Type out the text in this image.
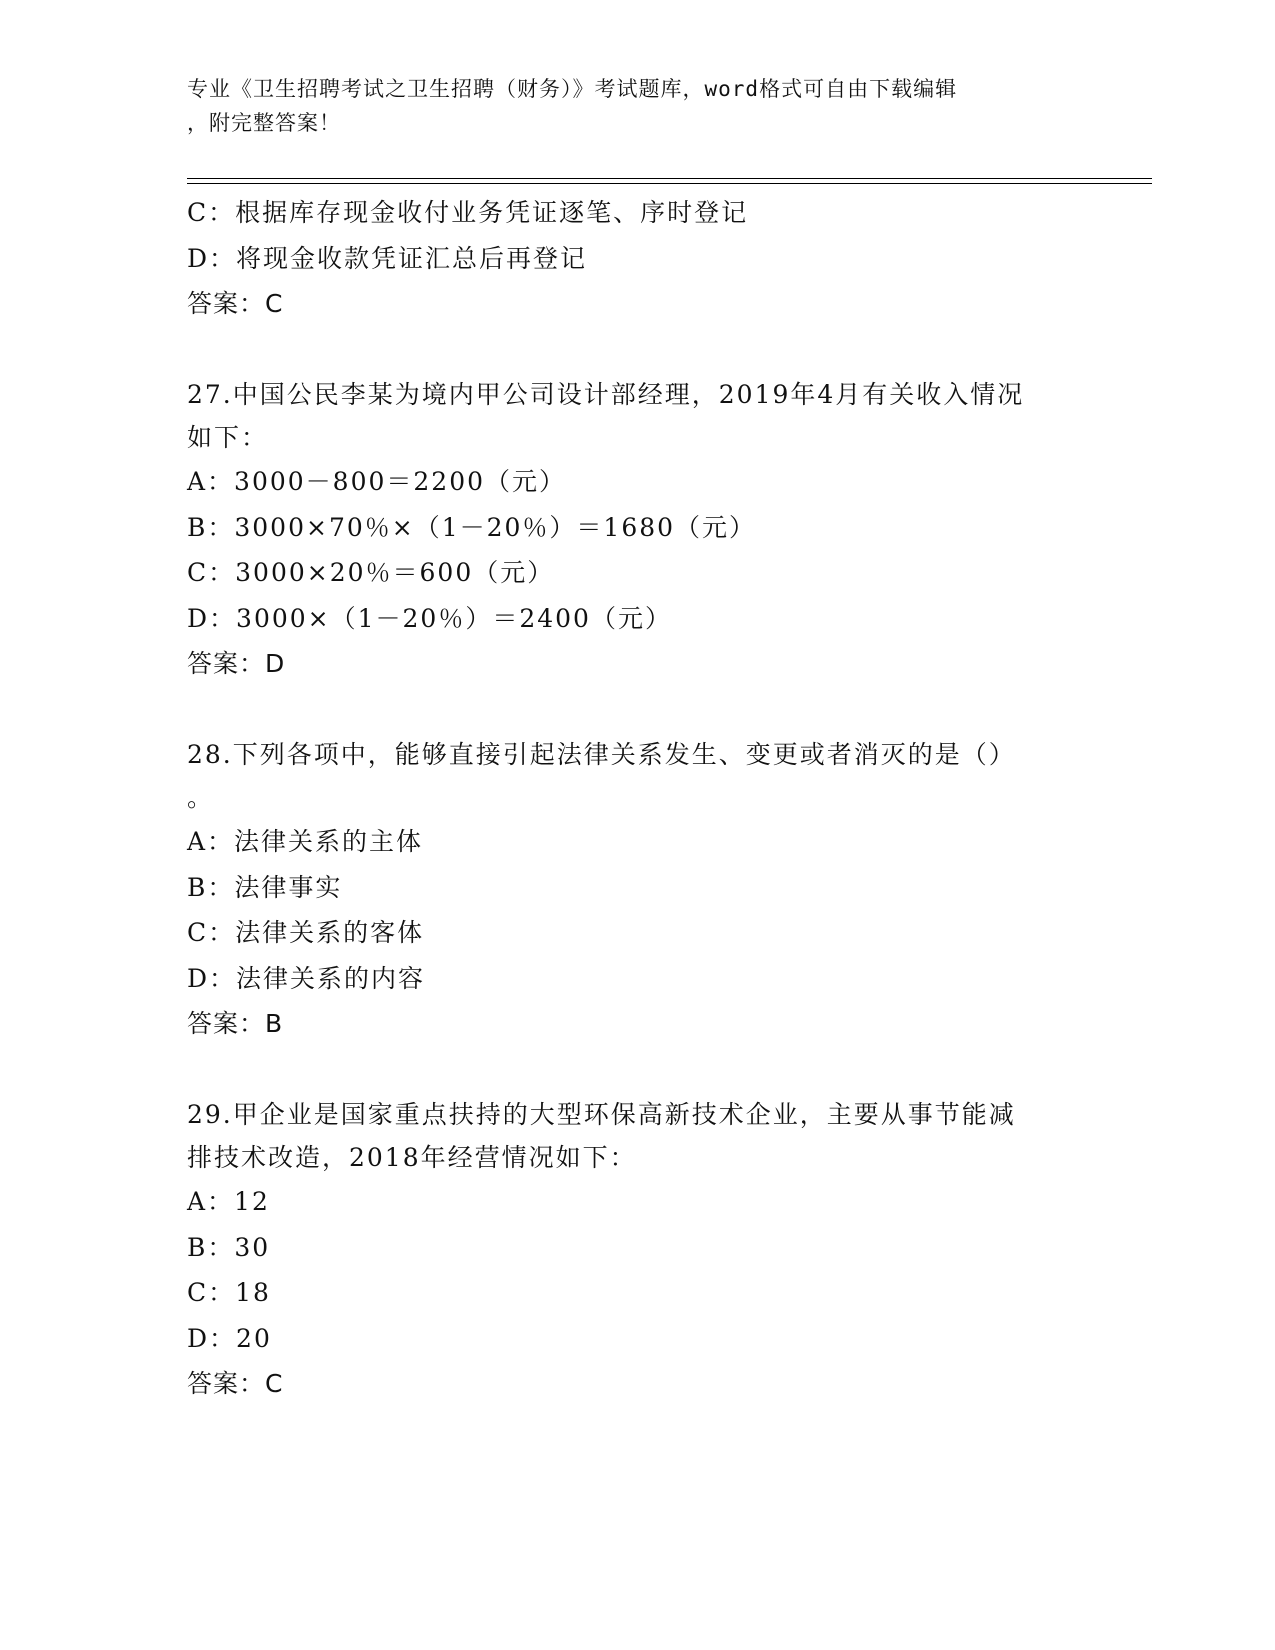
专业《卫生招聘考试之卫生招聘（财务）》考试题库，word格式可自由下载编辑
，附完整答案！
C：根据库存现金收付业务凭证逐笔、序时登记
D：将现金收款凭证汇总后再登记
答案：C
27.中国公民李某为境内甲公司设计部经理，2019年4月有关收入情况
如下：
A：3000－800＝2200（元）
B：3000×70％×（1－20％）＝1680（元）
C：3000×20％＝600（元）
D：3000×（1－20％）＝2400（元）
答案：D
28.下列各项中，能够直接引起法律关系发生、变更或者消灭的是（）
。
A：法律关系的主体
B：法律事实
C：法律关系的客体
D：法律关系的内容
答案：B
29.甲企业是国家重点扶持的大型环保高新技术企业，主要从事节能减
排技术改造，2018年经营情况如下：
A：12
B：30
C：18
D：20
答案：C
